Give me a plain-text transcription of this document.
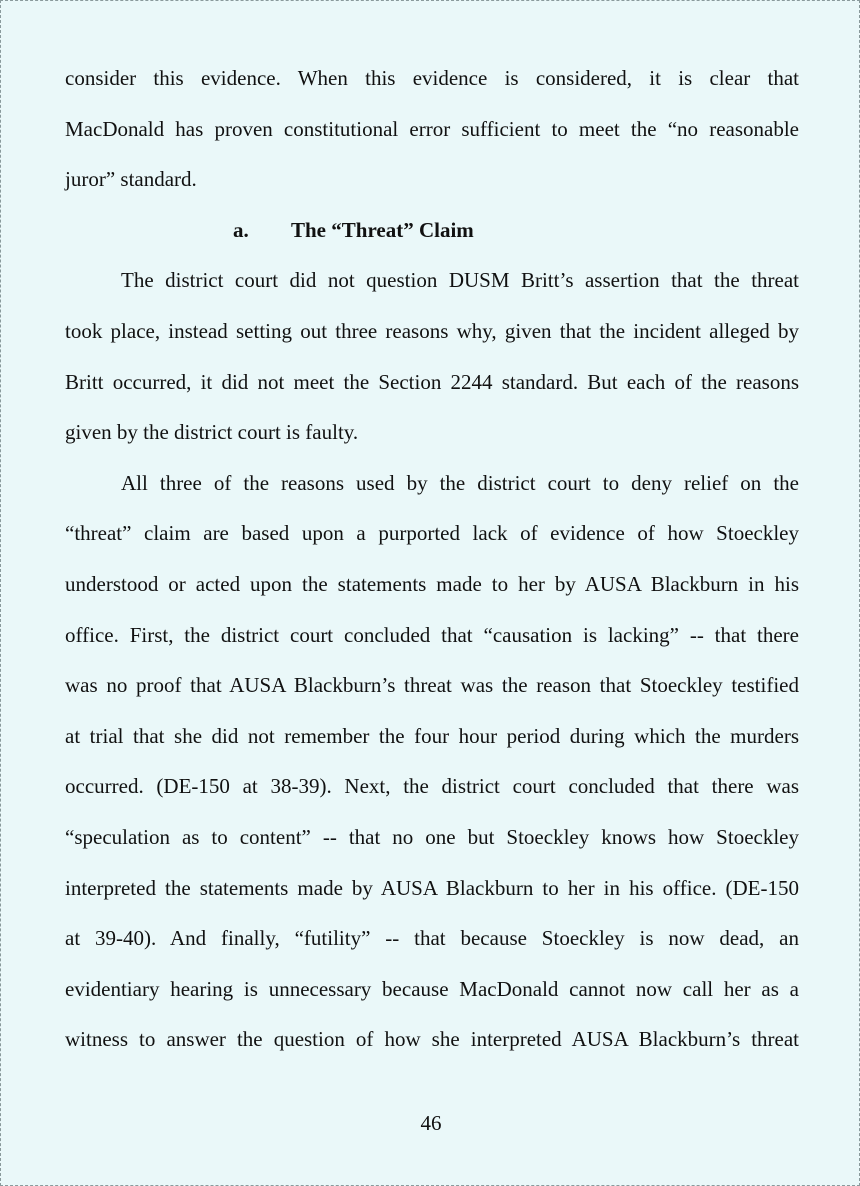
consider this evidence. When this evidence is considered, it is clear that
MacDonald has proven constitutional error sufficient to meet the “no reasonable
juror” standard.
a. The “Threat” Claim
The district court did not question DUSM Britt’s assertion that the threat
took place, instead setting out three reasons why, given that the incident alleged by
Britt occurred, it did not meet the Section 2244 standard. But each of the reasons
given by the district court is faulty.
All three of the reasons used by the district court to deny relief on the
“threat” claim are based upon a purported lack of evidence of how Stoeckley
understood or acted upon the statements made to her by AUSA Blackburn in his
office. First, the district court concluded that “causation is lacking” -- that there
was no proof that AUSA Blackburn’s threat was the reason that Stoeckley testified
at trial that she did not remember the four hour period during which the murders
occurred. (DE-150 at 38-39). Next, the district court concluded that there was
“speculation as to content” -- that no one but Stoeckley knows how Stoeckley
interpreted the statements made by AUSA Blackburn to her in his office. (DE-150
at 39-40). And finally, “futility” -- that because Stoeckley is now dead, an
evidentiary hearing is unnecessary because MacDonald cannot now call her as a
witness to answer the question of how she interpreted AUSA Blackburn’s threat
46
